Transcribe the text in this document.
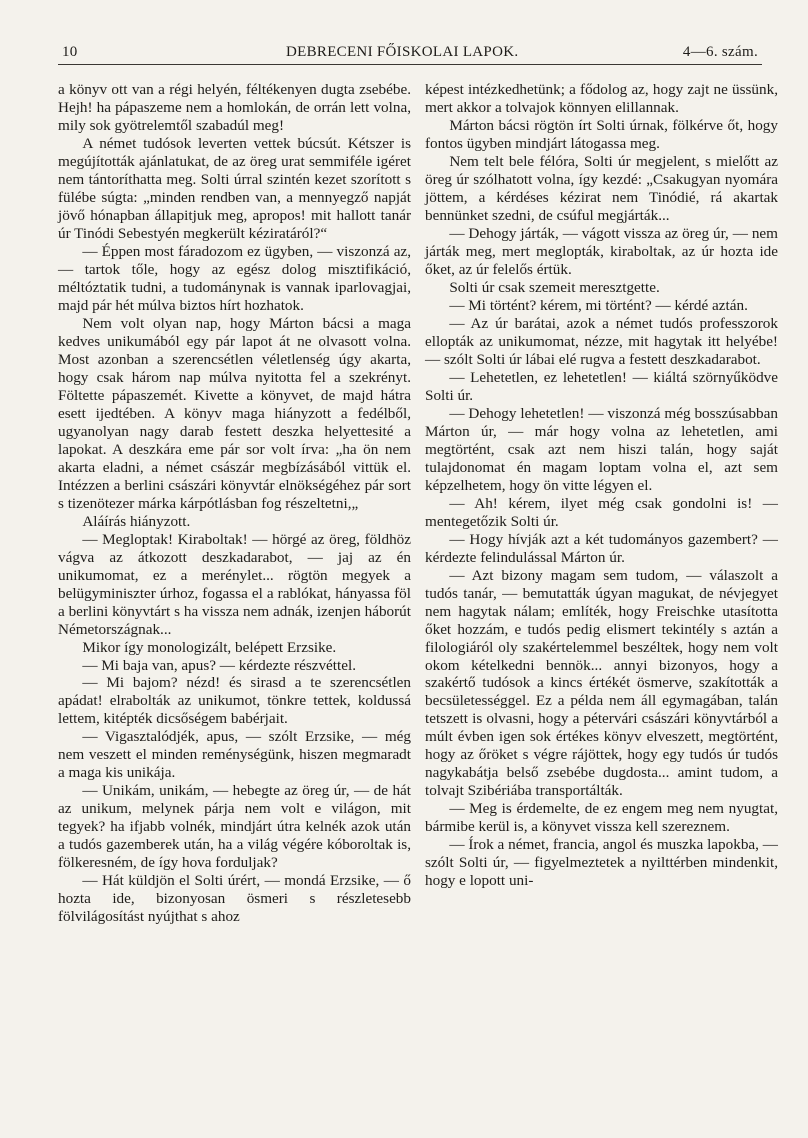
10	DEBRECENI FŐISKOLAI LAPOK.	4—6. szám.

a könyv ott van a régi helyén, féltékenyen dugta zsebébe. Hejh! ha pápaszeme nem a homlokán, de orrán lett volna, mily sok gyötrelemtől szabadúl meg!

A német tudósok leverten vettek búcsút. Kétszer is megújították ajánlatukat, de az öreg urat semmiféle igéret nem tántoríthatta meg. Solti úrral szintén kezet szorított s fülébe súgta: „minden rendben van, a mennyegző napját jövő hónapban állapitjuk meg, apropos! mit hallott tanár úr Tinódi Sebestyén megkerült kéziratáról?“

— Éppen most fáradozom ez ügyben, — viszonzá az, — tartok tőle, hogy az egész dolog misztifikáció, méltóztatik tudni, a tudománynak is vannak iparlovagjai, majd pár hét múlva biztos hírt hozhatok.

Nem volt olyan nap, hogy Márton bácsi a maga kedves unikumából egy pár lapot át ne olvasott volna. Most azonban a szerencsétlen véletlenség úgy akarta, hogy csak három nap múlva nyitotta fel a szekrényt. Föltette pápaszemét. Kivette a könyvet, de majd hátra esett ijedtében. A könyv maga hiányzott a fedélből, ugyanolyan nagy darab festett deszka helyettesité a lapokat. A deszkára eme pár sor volt írva: „ha ön nem akarta eladni, a német császár megbízásából vittük el. Intézzen a berlini császári könyvtár elnökségéhez pár sort s tizenötezer márka kárpótlásban fog részeltetni,„

Aláírás hiányzott.

— Megloptak! Kiraboltak! — hörgé az öreg, földhöz vágva az átkozott deszkadarabot, — jaj az én unikumomat, ez a merénylet... rögtön megyek a belügyminiszter úrhoz, fogassa el a rablókat, hányassa föl a berlini könyvtárt s ha vissza nem adnák, izenjen háborút Németországnak...

Mikor így monologizált, belépett Erzsike.

— Mi baja van, apus? — kérdezte részvéttel.

— Mi bajom? nézd! és sirasd a te szerencsétlen apádat! elrabolták az unikumot, tönkre tettek, koldussá lettem, kitépték dicsőségem babérjait.

— Vigasztalódjék, apus, — szólt Erzsike, — még nem veszett el minden reménységünk, hiszen megmaradt a maga kis unikája.

— Unikám, unikám, — hebegte az öreg úr, — de hát az unikum, melynek párja nem volt e világon, mit tegyek? ha ifjabb volnék, mindjárt útra kelnék azok után a tudós gazemberek után, ha a világ végére kóboroltak is, fölkeresném, de így hova forduljak?

— Hát küldjön el Solti úrért, — mondá Erzsike, — ő hozta ide, bizonyosan ösmeri s részletesebb fölvilágosítást nyújthat s ahoz

képest intézkedhetünk; a fődolog az, hogy zajt ne üssünk, mert akkor a tolvajok könnyen elillannak.

Márton bácsi rögtön írt Solti úrnak, fölkérve őt, hogy fontos ügyben mindjárt látogassa meg.

Nem telt bele félóra, Solti úr megjelent, s mielőtt az öreg úr szólhatott volna, így kezdé: „Csakugyan nyomára jöttem, a kérdéses kézirat nem Tinódié, rá akartak bennünket szedni, de csúful megjárták...

— Dehogy járták, — vágott vissza az öreg úr, — nem járták meg, mert meglopták, kiraboltak, az úr hozta ide őket, az úr felelős értük.

Solti úr csak szemeit meresztgette.

— Mi történt? kérem, mi történt? — kérdé aztán.

— Az úr barátai, azok a német tudós professzorok ellopták az unikumomat, nézze, mit hagytak itt helyébe! — szólt Solti úr lábai elé rugva a festett deszkadarabot.

— Lehetetlen, ez lehetetlen! — kiáltá szörnyűködve Solti úr.

— Dehogy lehetetlen! — viszonzá még bosszúsabban Márton úr, — már hogy volna az lehetetlen, ami megtörtént, csak azt nem hiszi talán, hogy saját tulajdonomat én magam loptam volna el, azt sem képzelhetem, hogy ön vitte légyen el.

— Ah! kérem, ilyet még csak gondolni is! — mentegetőzik Solti úr.

— Hogy hívják azt a két tudományos gazembert? — kérdezte felindulással Márton úr.

— Azt bizony magam sem tudom, — válaszolt a tudós tanár, — bemutatták úgyan magukat, de névjegyet nem hagytak nálam; említék, hogy Freischke utasította őket hozzám, e tudós pedig elismert tekintély s aztán a filologiáról oly szakértelemmel beszéltek, hogy nem volt okom kételkedni bennök... annyi bizonyos, hogy a szakértő tudósok a kincs értékét ösmerve, szakították a becsületességgel. Ez a példa nem áll egymagában, talán tetszett is olvasni, hogy a pétervári császári könyvtárból a múlt évben igen sok értékes könyv elveszett, megtörtént, hogy az őröket s végre rájöttek, hogy egy tudós úr tudós nagykabátja belső zsebébe dugdosta... amint tudom, a tolvajt Szibériába transportálták.

— Meg is érdemelte, de ez engem meg nem nyugtat, bármibe kerül is, a könyvet vissza kell szereznem.

— Írok a német, francia, angol és muszka lapokba, — szólt Solti úr, — figyelmeztetek a nyilttérben mindenkit, hogy e lopott uni-
